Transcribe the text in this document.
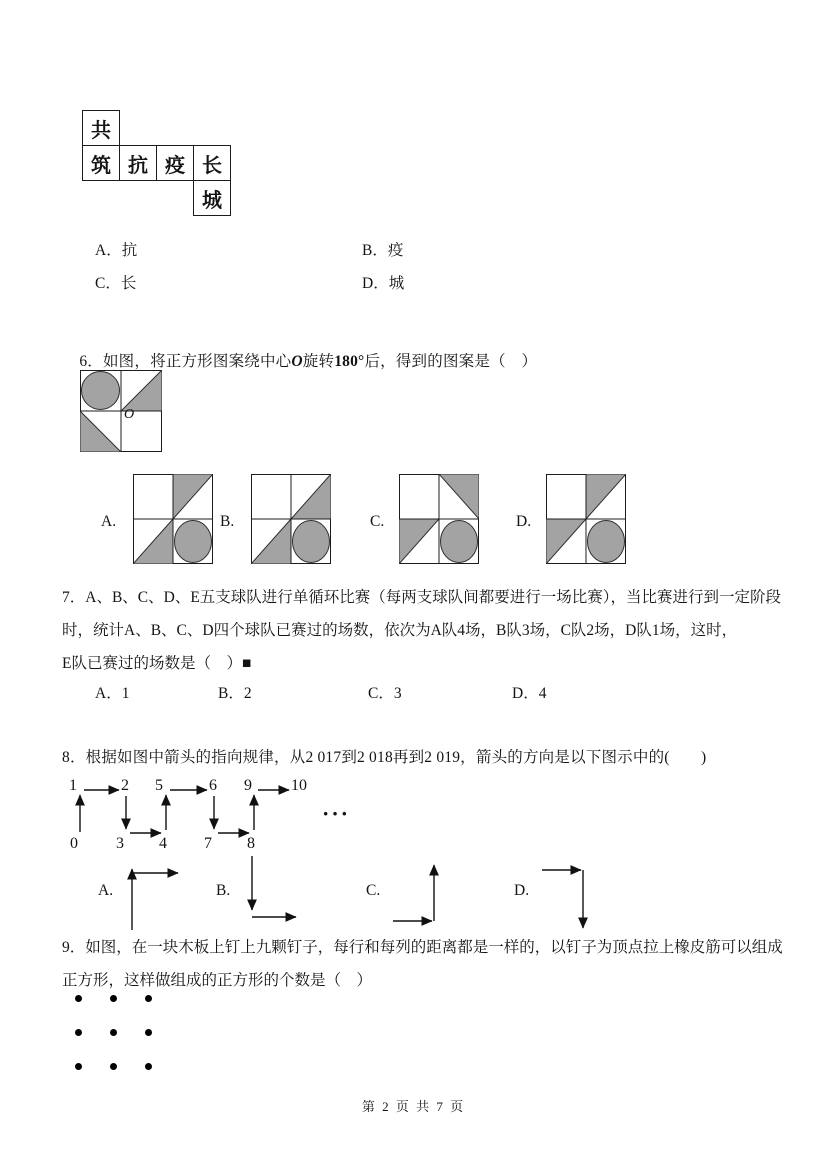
共
筑 抗 疫 长
城
A．抗	B．疫
C．长	D．城

6．如图，将正方形图案绕中心O旋转180°后，得到的图案是（　）

O
A.	B.	C.	D.
7．A、B、C、D、E五支球队进行单循环比赛（每两支球队间都要进行一场比赛），当比赛进行到一定阶段
时，统计A、B、C、D四个球队已赛过的场数，依次为A队4场，B队3场，C队2场，D队1场，这时，
E队已赛过的场数是（　）■
A．1	B．2	C．3	D．4
8．根据如图中箭头的指向规律，从2 017到2 018再到2 019，箭头的方向是以下图示中的(　　)
0
1	2
3 4
5	6
7 8
9 10
···
A.	B.	C.	D.
9．如图，在一块木板上钉上九颗钉子，每行和每列的距离都是一样的，以钉子为顶点拉上橡皮筋可以组成
正方形，这样做组成的正方形的个数是（　）
第 2 页 共 7 页
